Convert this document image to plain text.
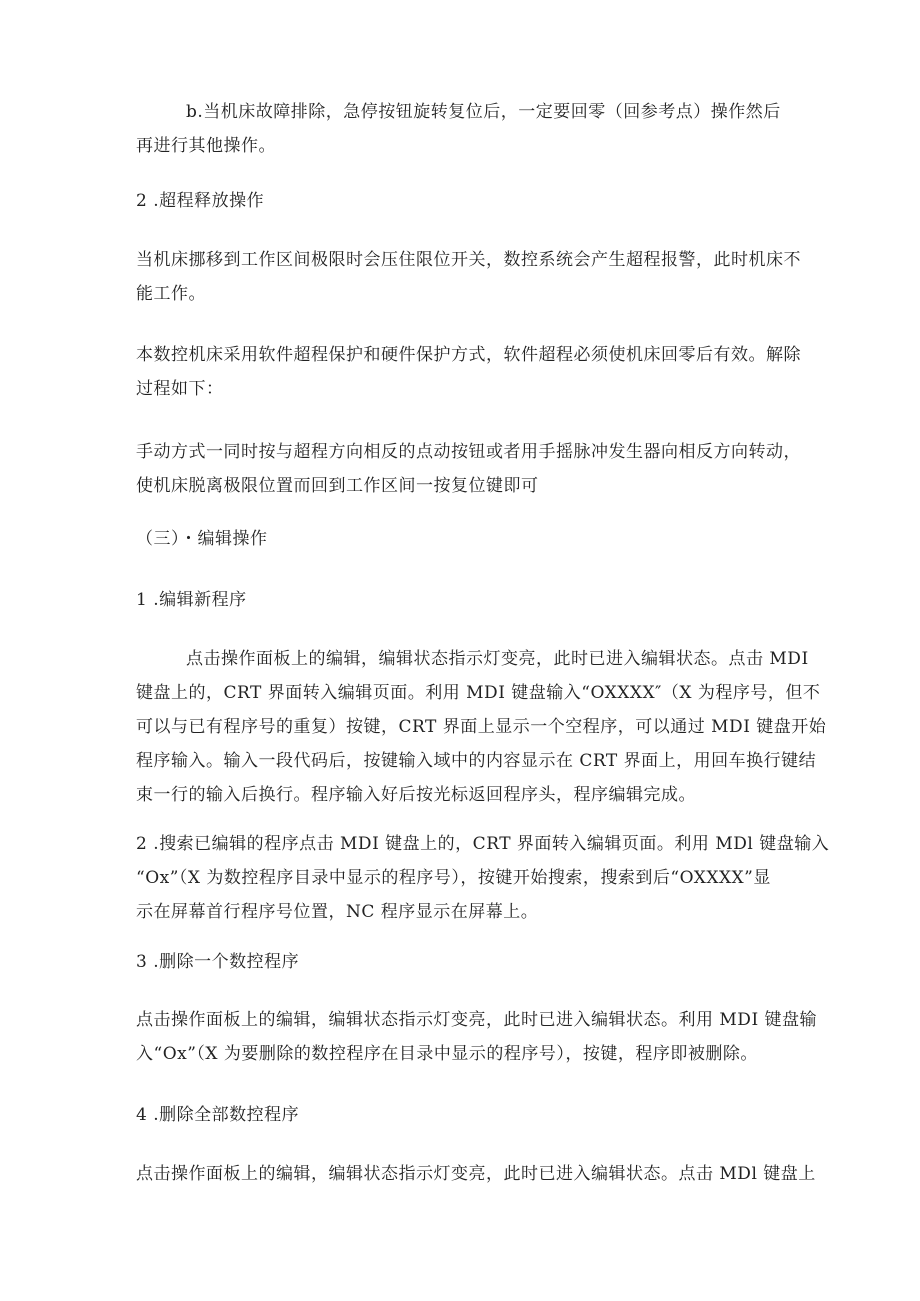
b.当机床故障排除，急停按钮旋转复位后，一定要回零（回参考点）操作然后
再进行其他操作。
2 .超程释放操作
当机床挪移到工作区间极限时会压住限位开关，数控系统会产生超程报警，此时机床不
能工作。
本数控机床采用软件超程保护和硬件保护方式，软件超程必须使机床回零后有效。解除
过程如下：
手动方式一同时按与超程方向相反的点动按钮或者用手摇脉冲发生器向相反方向转动，
使机床脱离极限位置而回到工作区间一按复位键即可
（三）・编辑操作
1 .编辑新程序
点击操作面板上的编辑，编辑状态指示灯变亮，此时已进入编辑状态。点击 MDI
键盘上的，CRT 界面转入编辑页面。利用 MDI 键盘输入“OXXXX″（X 为程序号，但不
可以与已有程序号的重复）按键，CRT 界面上显示一个空程序，可以通过 MDI 键盘开始
程序输入。输入一段代码后，按键输入域中的内容显示在 CRT 界面上，用回车换行键结
束一行的输入后换行。程序输入好后按光标返回程序头，程序编辑完成。
2 .搜索已编辑的程序点击 MDI 键盘上的，CRT 界面转入编辑页面。利用 MDl 键盘输入
“Ox”（X 为数控程序目录中显示的程序号），按键开始搜索，搜索到后“OXXXX”显
示在屏幕首行程序号位置，NC 程序显示在屏幕上。
3 .删除一个数控程序
点击操作面板上的编辑，编辑状态指示灯变亮，此时已进入编辑状态。利用 MDI 键盘输
入“Ox”（X 为要删除的数控程序在目录中显示的程序号），按键，程序即被删除。
4 .删除全部数控程序
点击操作面板上的编辑，编辑状态指示灯变亮，此时已进入编辑状态。点击 MDl 键盘上
